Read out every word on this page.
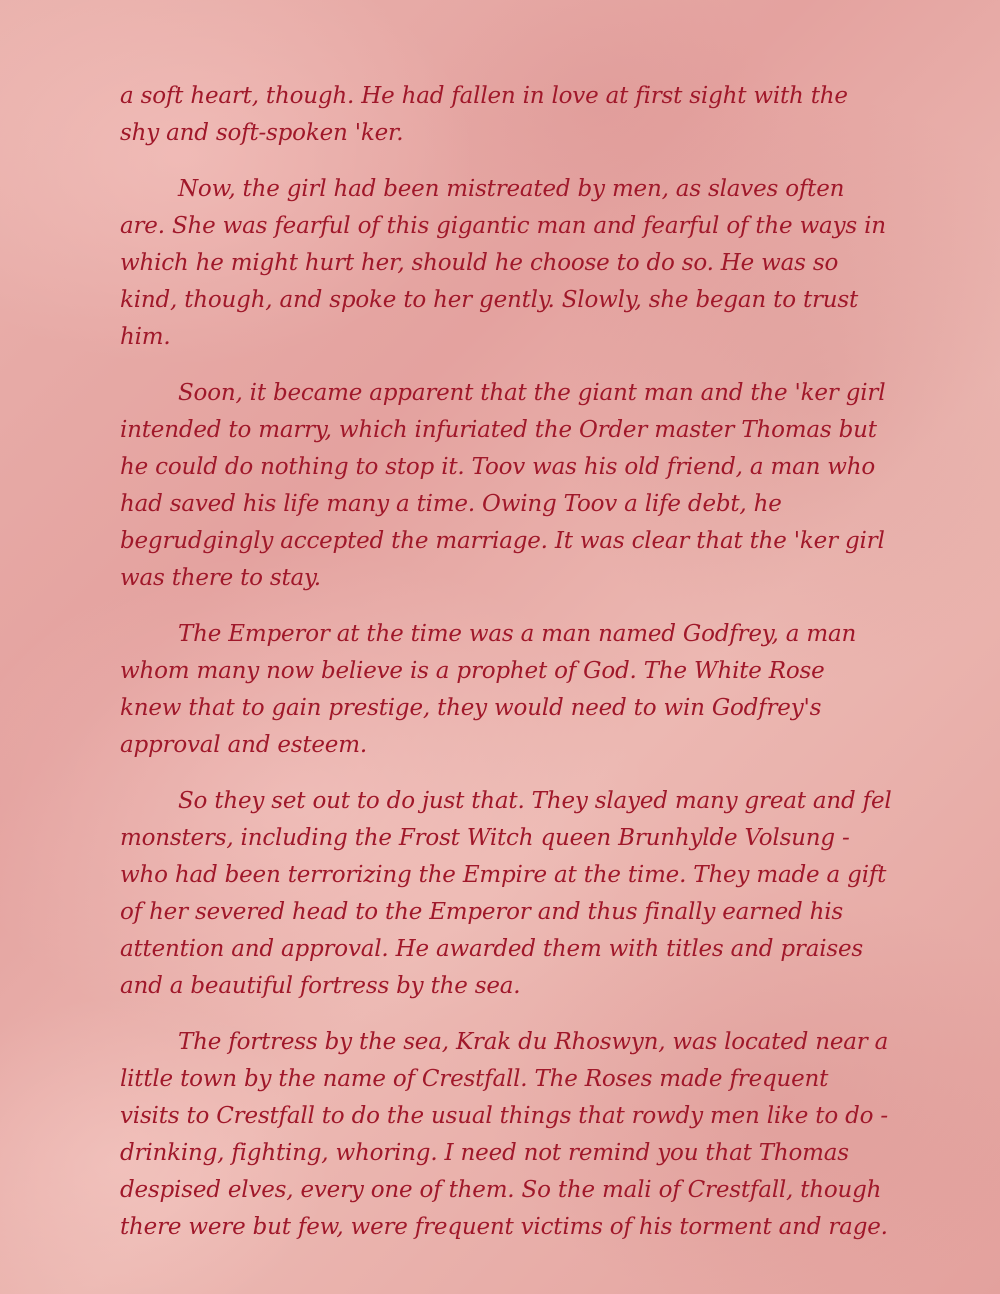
a soft heart, though. He had fallen in love at first sight with the shy and soft-spoken 'ker.

Now, the girl had been mistreated by men, as slaves often are. She was fearful of this gigantic man and fearful of the ways in which he might hurt her, should he choose to do so. He was so kind, though, and spoke to her gently. Slowly, she began to trust him.

Soon, it became apparent that the giant man and the 'ker girl intended to marry, which infuriated the Order master Thomas but he could do nothing to stop it. Toov was his old friend, a man who had saved his life many a time. Owing Toov a life debt, he begrudgingly accepted the marriage. It was clear that the 'ker girl was there to stay.

The Emperor at the time was a man named Godfrey, a man whom many now believe is a prophet of God. The White Rose knew that to gain prestige, they would need to win Godfrey's approval and esteem.

So they set out to do just that. They slayed many great and fel monsters, including the Frost Witch queen Brunhylde Volsung - who had been terrorizing the Empire at the time. They made a gift of her severed head to the Emperor and thus finally earned his attention and approval. He awarded them with titles and praises and a beautiful fortress by the sea.

The fortress by the sea, Krak du Rhoswyn, was located near a little town by the name of Crestfall. The Roses made frequent visits to Crestfall to do the usual things that rowdy men like to do - drinking, fighting, whoring. I need not remind you that Thomas despised elves, every one of them. So the mali of Crestfall, though there were but few, were frequent victims of his torment and rage.
